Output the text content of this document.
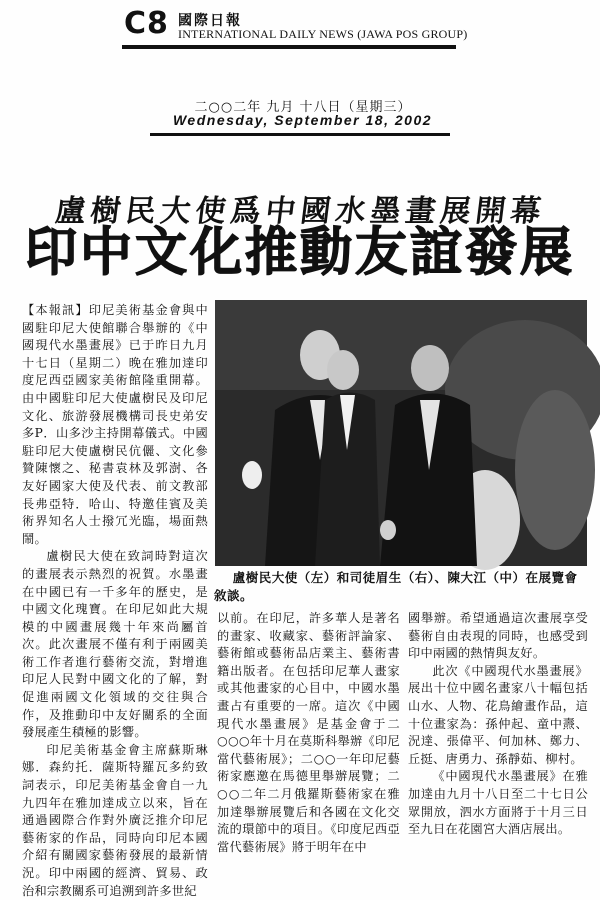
C8 國際日報
INTERNATIONAL DAILY NEWS (JAWA POS GROUP)
二○○二年 九月 十八日（星期三）
Wednesday, September 18, 2002
盧樹民大使爲中國水墨畫展開幕
印中文化推動友誼發展

【本報訊】印尼美術基金會與中國駐印尼大使館聯合舉辦的《中國現代水墨畫展》已于昨日九月十七日（星期二）晚在雅加達印度尼西亞國家美術館隆重開幕。由中國駐印尼大使盧樹民及印尼文化、旅游發展機構司長史弟安多P．山多沙主持開幕儀式。中國駐印尼大使盧樹民伉儷、文化參贊陳懷之、秘書袁林及郭澍、各友好國家大使及代表、前文教部長弗亞特．哈山、特邀佳賓及美術界知名人士撥冗光臨，場面熱鬧。

盧樹民大使在致詞時對這次的畫展表示熱烈的祝賀。水墨畫在中國已有一千多年的歷史，是中國文化瑰寶。在印尼如此大規模的中國畫展幾十年來尚屬首次。此次畫展不僅有利于兩國美術工作者進行藝術交流，對增進印尼人民對中國文化的了解，對促進兩國文化領域的交往與合作，及推動印中友好關系的全面發展產生積極的影響。

印尼美術基金會主席蘇斯琳娜．森約托．薩斯特羅瓦多約致詞表示，印尼美術基金會自一九九四年在雅加達成立以來，旨在通過國際合作對外廣泛推介印尼藝術家的作品，同時向印尼本國介紹有關國家藝術發展的最新情況。印中兩國的經濟、貿易、政治和宗教關系可追溯到許多世紀

盧樹民大使（左）和司徒眉生（右）、陳大江（中）在展覽會敘談。

以前。在印尼，許多華人是著名的畫家、收藏家、藝術評論家、藝術館或藝術品店業主、藝術書籍出版者。在包括印尼華人畫家或其他畫家的心目中，中國水墨畫占有重要的一席。這次《中國現代水墨畫展》是基金會于二○○○年十月在莫斯科舉辦《印尼當代藝術展》；二○○一年印尼藝術家應邀在馬德里舉辦展覽；二○○二年二月俄羅斯藝術家在雅加達舉辦展覽后和各國在文化交流的環節中的項目。《印度尼西亞當代藝術展》將于明年在中

國舉辦。希望通過這次畫展享受藝術自由表現的同時，也感受到印中兩國的熱情與友好。

此次《中國現代水墨畫展》展出十位中國名畫家八十幅包括山水、人物、花鳥繪畫作品，這十位畫家為：孫仲起、童中燾、況達、張偉平、何加林、鄭力、丘挺、唐勇力、孫靜茹、柳村。

《中國現代水墨畫展》在雅加達由九月十八日至二十七日公眾開放，泗水方面將于十月三日至九日在花園宮大酒店展出。
